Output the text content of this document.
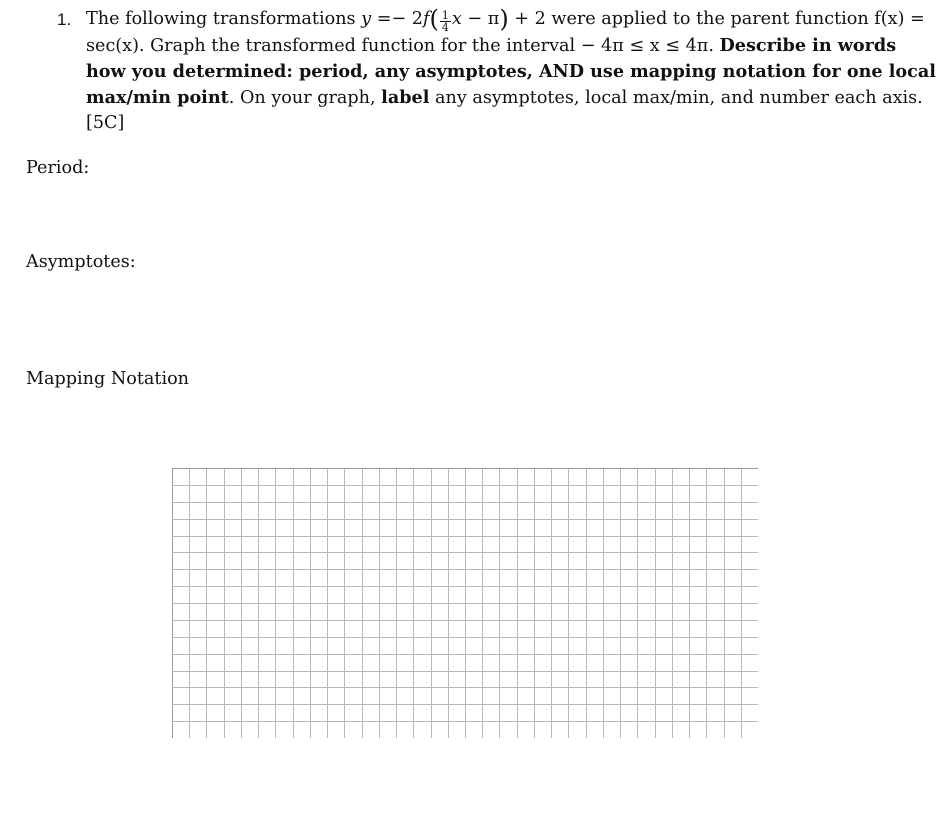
1. The following transformations $y =- 2f( \frac{1}{4}$ x − π) + 2 were applied to the parent function f(x) = sec(x). Graph the transformed function for the interval − 4π ≤ x ≤ 4π. Describe in words how you determined: period, any asymptotes, AND use mapping notation for one local max/min point. On your graph, label any asymptotes, local max/min, and number each axis.[5C]
Period:
Asymptotes:
Mapping Notation
